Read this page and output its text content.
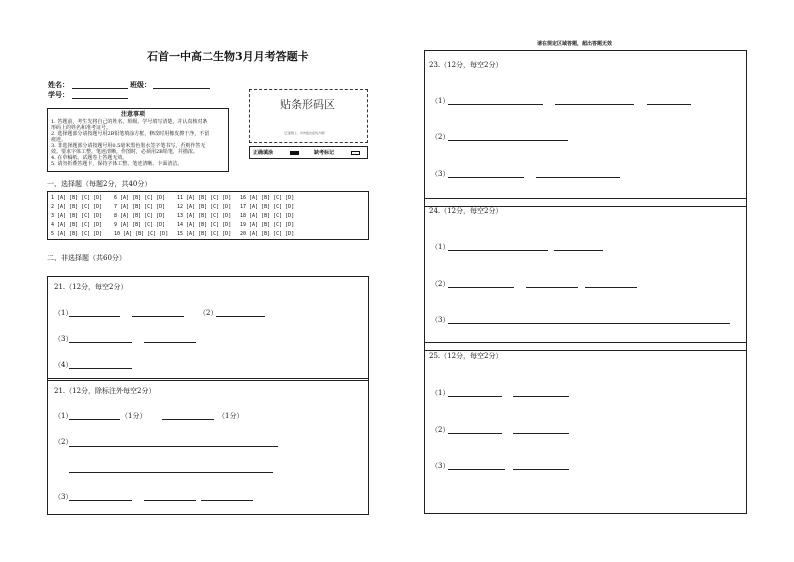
石首一中高二生物3月月考答题卡
姓名：	班级：
学号：
注意事项
1. 答题前，考生先将自己的姓名、班级、学号填写清楚，并认真核对条
形码上的姓名和准考证号。
2. 选择题部分请按题号用2B铅笔填涂方框，修改时用橡皮擦干净，不留
痕迹。
3. 非选择题部分请按题号用0.5毫米黑色墨水签字笔书写，否则作答无
效。要求字体工整、笔迹清晰。作图时，必须用2B铅笔，并描浓。
4. 在草稿纸、试题卷上答题无效。
5. 请勿折叠答题卡，保持字体工整、笔迹清晰、卡面清洁。
贴条形码区
（正面朝上，切勿贴出虚线方框）
正确填涂	缺考标记
一、选择题（每题2分，共40分）
1 [A] [B] [C] [D] 6 [A] [B] [C] [D] 11 [A] [B] [C] [D] 16 [A] [B] [C] [D]
2 [A] [B] [C] [D] 7 [A] [B] [C] [D] 12 [A] [B] [C] [D] 17 [A] [B] [C] [D]
3 [A] [B] [C] [D] 8 [A] [B] [C] [D] 13 [A] [B] [C] [D] 18 [A] [B] [C] [D]
4 [A] [B] [C] [D] 9 [A] [B] [C] [D] 14 [A] [B] [C] [D] 19 [A] [B] [C] [D]
5 [A] [B] [C] [D] 10 [A] [B] [C] [D] 15 [A] [B] [C] [D] 20 [A] [B] [C] [D]
二、非选择题（共60分）
21.（12分，每空2分）
（1）	（2）
（3）
（4）
21.（12分，除标注外每空2分）
（1）	（1分）	（1分）
（2）
（3）
请在规定区域答题，超出答题无效
23.（12分，每空2分）
（1）
（2）
（3）
24.（12分，每空2分）
（1）
（2）
（3）
25.（12分，每空2分）
（1）
（2）
（3）
